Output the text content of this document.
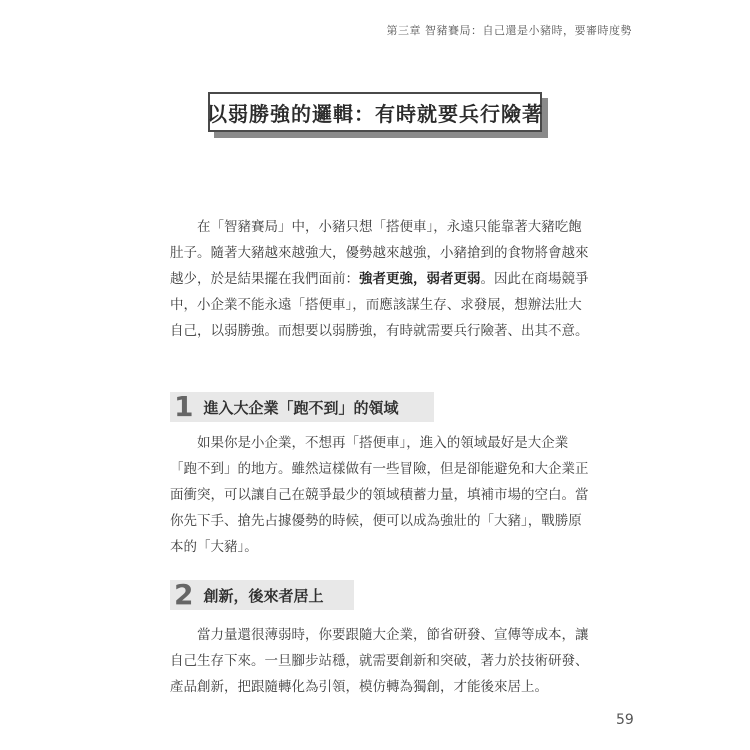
第三章 智豬賽局：自己還是小豬時，要審時度勢
以弱勝強的邏輯：有時就要兵行險著

在「智豬賽局」中，小豬只想「搭便車」，永遠只能靠著大豬吃飽肚子。隨著大豬越來越強大，優勢越來越強，小豬搶到的食物將會越來越少，於是結果擺在我們面前：強者更強，弱者更弱。因此在商場競爭中，小企業不能永遠「搭便車」，而應該謀生存、求發展，想辦法壯大自己，以弱勝強。而想要以弱勝強，有時就需要兵行險著、出其不意。

1 進入大企業「跑不到」的領域

如果你是小企業，不想再「搭便車」，進入的領域最好是大企業「跑不到」的地方。雖然這樣做有一些冒險，但是卻能避免和大企業正面衝突，可以讓自己在競爭最少的領域積蓄力量，填補市場的空白。當你先下手、搶先占據優勢的時候，便可以成為強壯的「大豬」，戰勝原本的「大豬」。

2 創新，後來者居上

當力量還很薄弱時，你要跟隨大企業，節省研發、宣傳等成本，讓自己生存下來。一旦腳步站穩，就需要創新和突破，著力於技術研發、產品創新，把跟隨轉化為引領，模仿轉為獨創，才能後來居上。

59
